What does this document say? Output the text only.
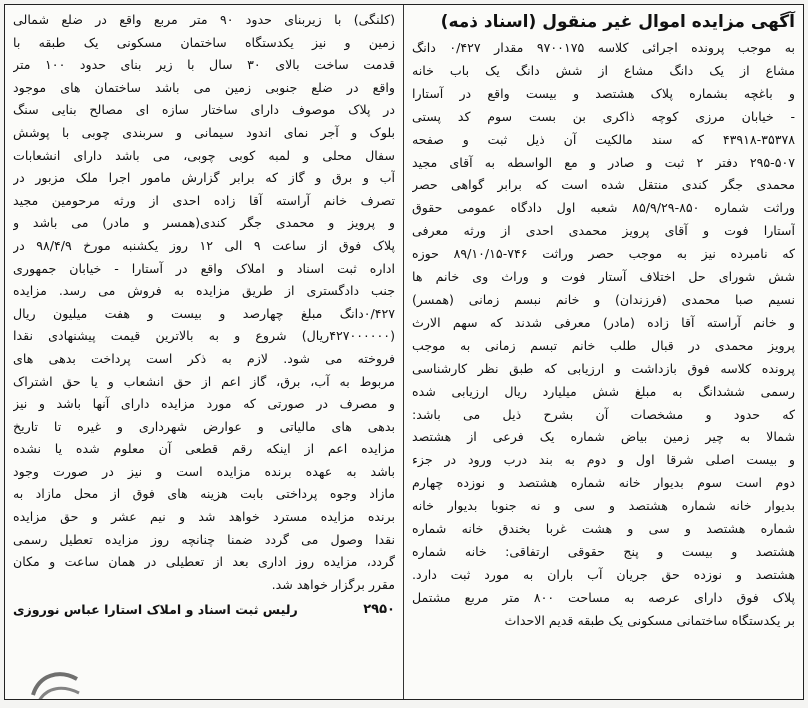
آگهی مزایده اموال غیر منقول (اسناد ذمه)
به موجب پرونده اجرائی کلاسه ۹۷۰۰۱۷۵ مقدار ۰/۴۲۷ دانگ
مشاع از یک دانگ مشاع از شش دانگ یک باب خانه
و باغچه بشماره پلاک هشتصد و بیست واقع در آستارا
- خیابان مرزی کوچه ذاکری بن بست سوم کد پستی
۴۳۹۱۸-۳۵۳۷۸ که سند مالکیت آن ذیل ثبت و صفحه
۲۹۵-۵۰۷ دفتر ۲ ثبت و صادر و مع الواسطه به آقای مجید
محمدی جگر کندی منتقل شده است که برابر گواهی حصر
وراثت شماره ۸۵۰-۸۵/۹/۲۹ شعبه اول دادگاه عمومی حقوق
آستارا فوت و آقای پرویز محمدی احدی از ورثه معرفی
که نامبرده نیز به موجب حصر وراثت ۷۴۶-۸۹/۱۰/۱۵ حوزه
شش شورای حل اختلاف آستار فوت و وراث وی خانم ها
نسیم صبا محمدی (فرزندان) و خانم نبسم زمانی (همسر)
و خانم آراسته آقا زاده (مادر) معرفی شدند که سهم الارث
پرویز محمدی در قبال طلب خانم تبسم زمانی به موجب
پرونده کلاسه فوق بازداشت و ارزیابی که طبق نظر کارشناسی
رسمی ششدانگ به مبلغ شش میلیارد ریال ارزیابی شده
که حدود و مشخصات آن بشرح ذیل می باشد:
شمالا به چیر زمین بیاض شماره یک فرعی از هشتصد
و بیست اصلی شرقا اول و دوم به بند درب ورود در جزء
دوم است سوم بدیوار خانه شماره هشتصد و نوزده چهارم
بدیوار خانه شماره هشتصد و سی و نه جنوبا بدیوار خانه
شماره هشتصد و سی و هشت غربا بخندق خانه شماره
هشتصد و بیست و پنج حقوقی ارتفاقی: خانه شماره
هشتصد و نوزده حق جریان آب باران به مورد ثبت دارد.
پلاک فوق دارای عرصه به مساحت ۸۰۰ متر مربع مشتمل
بر یکدستگاه ساختمانی مسکونی یک طبقه قدیم الاحداث
(کلنگی) با زیربنای حدود ۹۰ متر مربع واقع در ضلع شمالی
زمین و نیز یکدستگاه ساختمان مسکونی یک طبقه با
قدمت ساخت بالای ۳۰ سال با زیر بنای حدود ۱۰۰ متر
واقع در ضلع جنوبی زمین می باشد ساختمان های موجود
در پلاک موصوف دارای ساختار سازه ای مصالح بنایی سنگ
بلوک و آجر نمای اندود سیمانی و سربندی چوبی با پوشش
سفال محلی و لمبه کوبی چوبی، می باشد دارای انشعابات
آب و برق و گاز که برابر گزارش مامور اجرا ملک مزبور در
تصرف خانم آراسته آقا زاده احدی از ورثه مرحومین مجید
و پرویز و محمدی جگر کندی(همسر و مادر) می باشد و
پلاک فوق از ساعت ۹ الی ۱۲ روز یکشنبه مورخ ۹۸/۴/۹ در
اداره ثبت اسناد و املاک واقع در آستارا - خیابان جمهوری
جنب دادگستری از طریق مزایده به فروش می رسد. مزایده
۰/۴۲۷دانگ مبلغ چهارصد و بیست و هفت میلیون ریال
(۴۲۷۰۰۰۰۰۰ریال) شروع و به بالاترین قیمت پیشنهادی نقدا
فروخته می شود. لازم به ذکر است پرداخت بدهی های
مربوط به آب، برق، گاز اعم از حق انشعاب و یا حق اشتراک
و مصرف در صورتی که مورد مزایده دارای آنها باشد و نیز
بدهی های مالیاتی و عوارض شهرداری و غیره تا تاریخ
مزایده اعم از اینکه رقم قطعی آن معلوم شده یا نشده
باشد به عهده برنده مزایده است و نیز در صورت وجود
مازاد وجوه پرداختی بابت هزینه های فوق از محل مازاد به
برنده مزایده مسترد خواهد شد و نیم عشر و حق مزایده
نقدا وصول می گردد ضمنا چنانچه روز مزایده تعطیل رسمی
گردد، مزایده روز اداری بعد از تعطیلی در همان ساعت و مکان
مقرر برگزار خواهد شد.
۲۹۵۰
رلیس ثبت اسناد و املاک استارا عباس نوروزی
